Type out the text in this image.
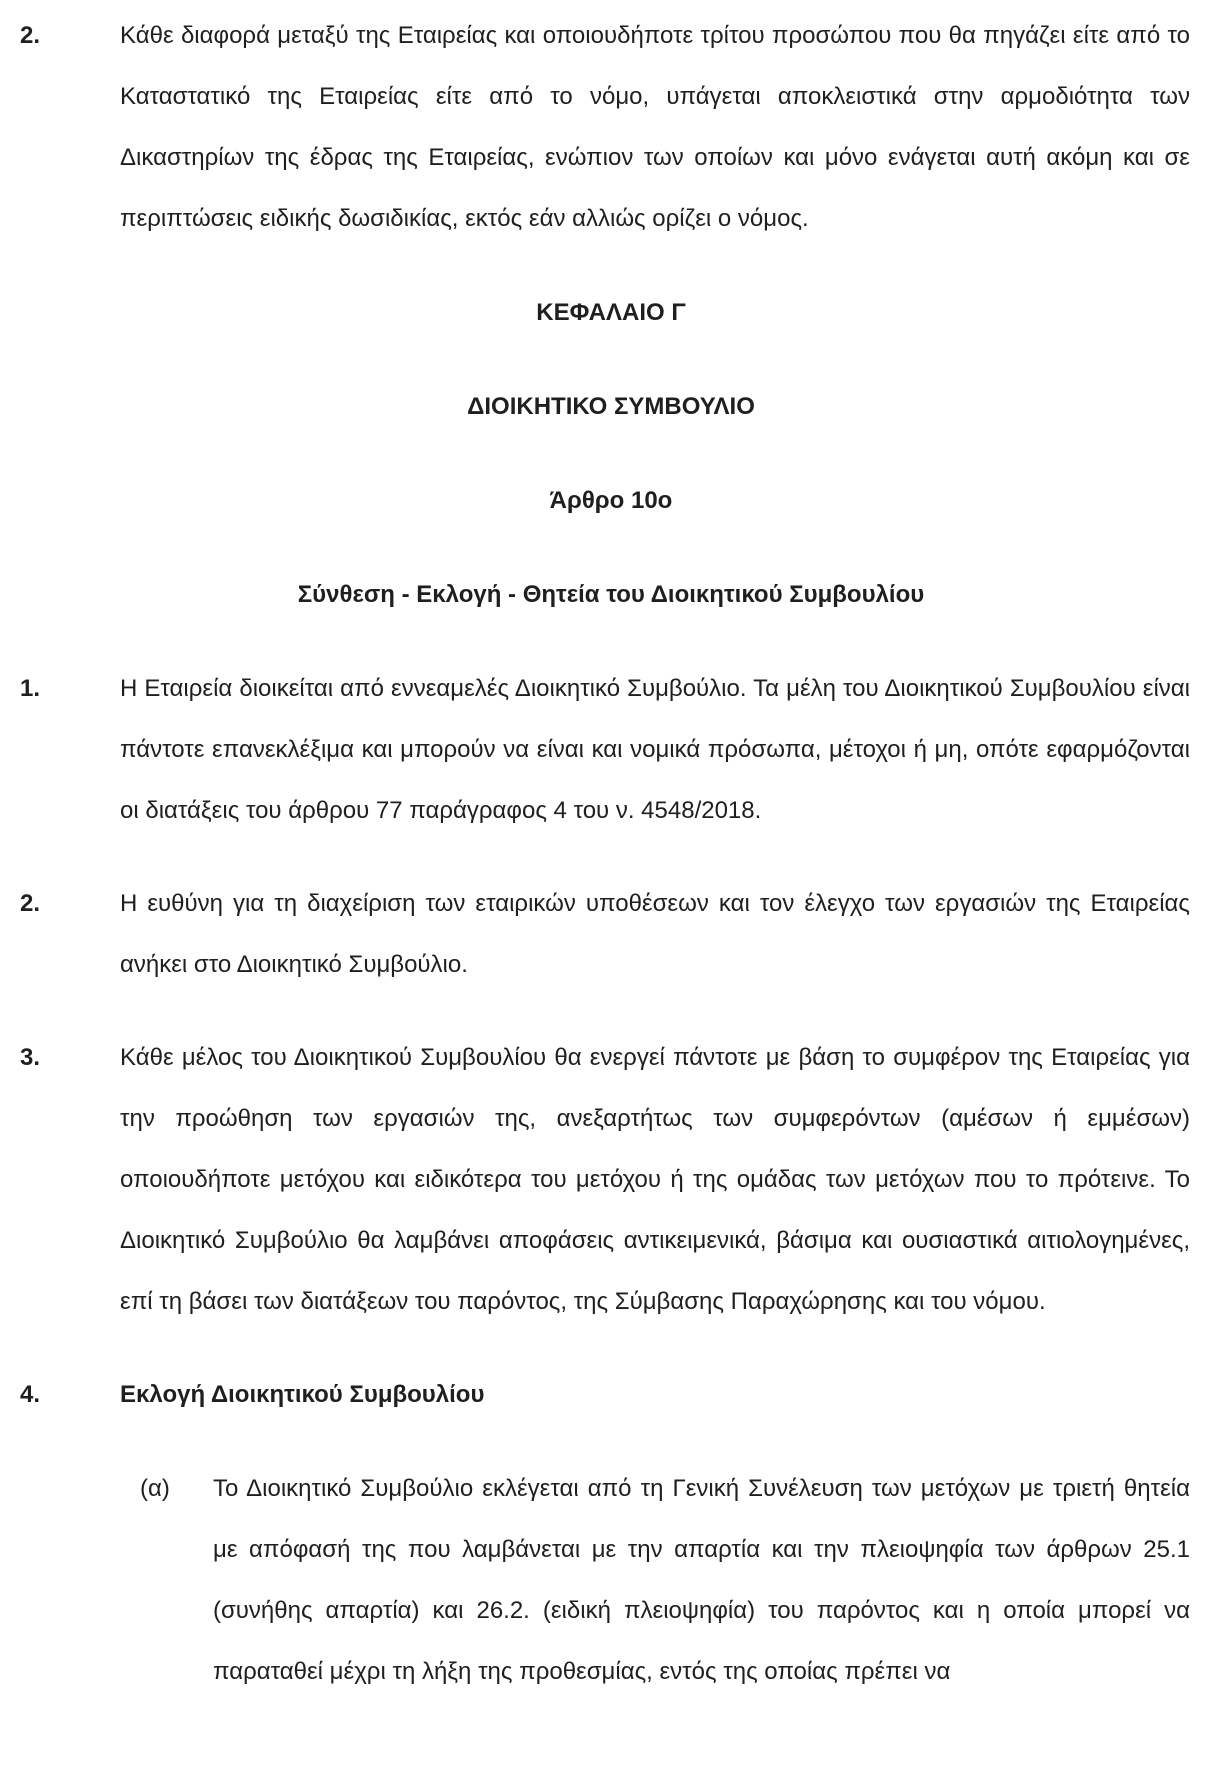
2.	Κάθε διαφορά μεταξύ της Εταιρείας και οποιουδήποτε τρίτου προσώπου που θα πηγάζει είτε από το Καταστατικό της Εταιρείας είτε από το νόμο, υπάγεται αποκλειστικά στην αρμοδιότητα των Δικαστηρίων της έδρας της Εταιρείας, ενώπιον των οποίων και μόνο ενάγεται αυτή ακόμη και σε περιπτώσεις ειδικής δωσιδικίας, εκτός εάν αλλιώς ορίζει ο νόμος.
ΚΕΦΑΛΑΙΟ Γ
ΔΙΟΙΚΗΤΙΚΟ ΣΥΜΒΟΥΛΙΟ
Άρθρο 10ο
Σύνθεση - Εκλογή - Θητεία του Διοικητικού Συμβουλίου
1.	Η Εταιρεία διοικείται από εννεαμελές Διοικητικό Συμβούλιο. Τα μέλη του Διοικητικού Συμβουλίου είναι πάντοτε επανεκλέξιμα και μπορούν να είναι και νομικά πρόσωπα, μέτοχοι ή μη, οπότε εφαρμόζονται οι διατάξεις του άρθρου 77 παράγραφος 4 του ν. 4548/2018.
2.	Η ευθύνη για τη διαχείριση των εταιρικών υποθέσεων και τον έλεγχο των εργασιών της Εταιρείας ανήκει στο Διοικητικό Συμβούλιο.
3.	Κάθε μέλος του Διοικητικού Συμβουλίου θα ενεργεί πάντοτε με βάση το συμφέρον της Εταιρείας για την προώθηση των εργασιών της, ανεξαρτήτως των συμφερόντων (αμέσων ή εμμέσων) οποιουδήποτε μετόχου και ειδικότερα του μετόχου ή της ομάδας των μετόχων που το πρότεινε. Το Διοικητικό Συμβούλιο θα λαμβάνει αποφάσεις αντικειμενικά, βάσιμα και ουσιαστικά αιτιολογημένες, επί τη βάσει των διατάξεων του παρόντος, της Σύμβασης Παραχώρησης και του νόμου.
4.	Εκλογή Διοικητικού Συμβουλίου
(α)	Το Διοικητικό Συμβούλιο εκλέγεται από τη Γενική Συνέλευση των μετόχων με τριετή θητεία με απόφασή της που λαμβάνεται με την απαρτία και την πλειοψηφία των άρθρων 25.1 (συνήθης απαρτία) και 26.2. (ειδική πλειοψηφία) του παρόντος και η οποία μπορεί να παραταθεί μέχρι τη λήξη της προθεσμίας, εντός της οποίας πρέπει να
